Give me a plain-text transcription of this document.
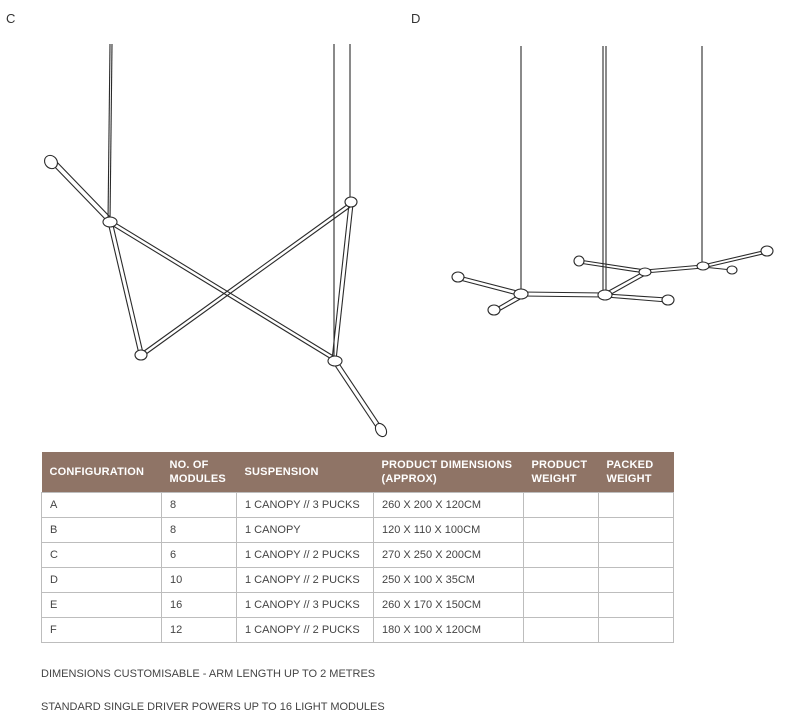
C	D
CONFIGURATION	NO. OF MODULES	SUSPENSION	PRODUCT DIMENSIONS (APPROX)	PRODUCT WEIGHT	PACKED WEIGHT
A	8	1 CANOPY // 3 PUCKS	260 X 200 X 120CM		
B	8	1 CANOPY	120 X 110 X 100CM		
C	6	1 CANOPY // 2 PUCKS	270 X 250 X 200CM		
D	10	1 CANOPY // 2 PUCKS	250 X 100 X 35CM		
E	16	1 CANOPY // 3 PUCKS	260 X 170 X 150CM		
F	12	1 CANOPY // 2 PUCKS	180 X 100 X 120CM		
DIMENSIONS CUSTOMISABLE - ARM LENGTH UP TO 2 METRES
STANDARD SINGLE DRIVER POWERS UP TO 16 LIGHT MODULES
